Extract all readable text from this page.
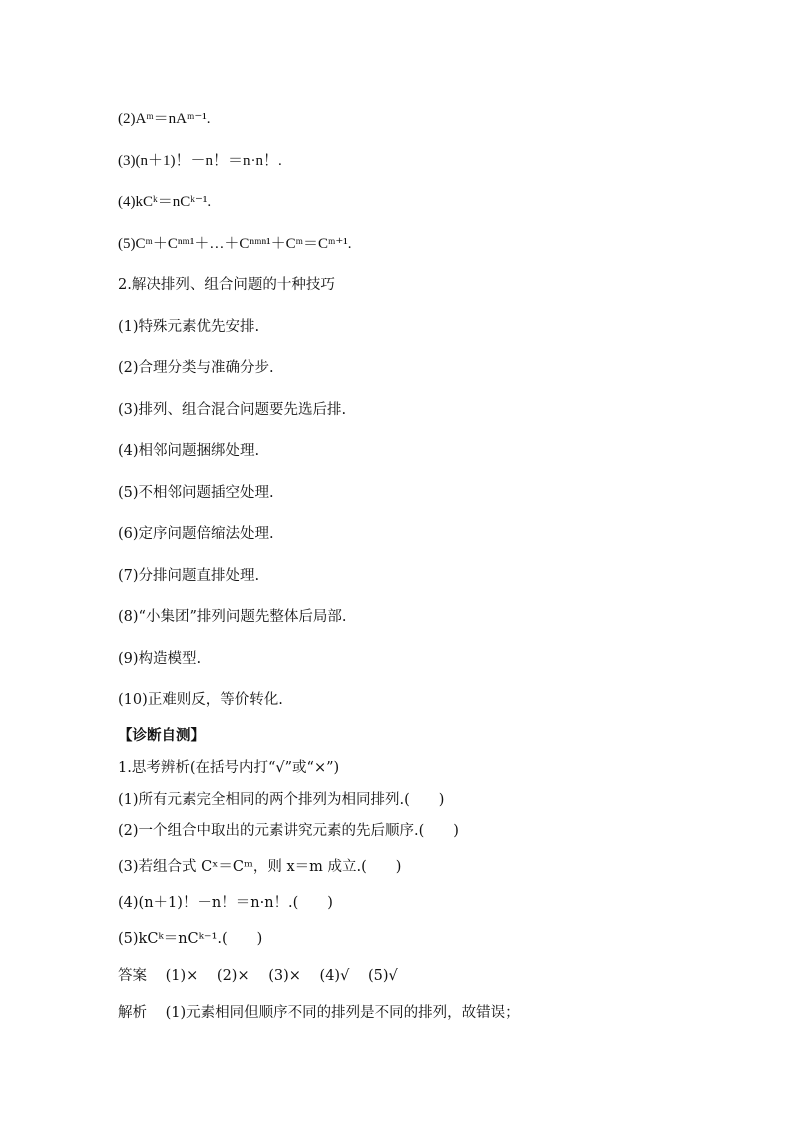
(2)Aᵐ＝nAᵐ⁻¹.
(3)(n＋1)！－n！＝n·n！.
(4)kCᵏ＝nCᵏ⁻¹.
(5)Cᵐ＋Cⁿᵐ¹＋…＋Cⁿᵐⁿ¹＋Cᵐ＝Cᵐ⁺¹.
2.解决排列、组合问题的十种技巧
(1)特殊元素优先安排.
(2)合理分类与准确分步.
(3)排列、组合混合问题要先选后排.
(4)相邻问题捆绑处理.
(5)不相邻问题插空处理.
(6)定序问题倍缩法处理.
(7)分排问题直排处理.
(8)“小集团”排列问题先整体后局部.
(9)构造模型.
(10)正难则反，等价转化.
【诊断自测】
1.思考辨析(在括号内打“√”或“×”)
(1)所有元素完全相同的两个排列为相同排列.(　　)
(2)一个组合中取出的元素讲究元素的先后顺序.(　　)
(3)若组合式 Cˣ＝Cᵐ，则 x＝m 成立.(　　)
(4)(n＋1)！－n！＝n·n！.(　　)
(5)kCᵏ＝nCᵏ⁻¹.(　　)
答案 (1)× (2)× (3)× (4)√ (5)√
解析 (1)元素相同但顺序不同的排列是不同的排列，故错误；
